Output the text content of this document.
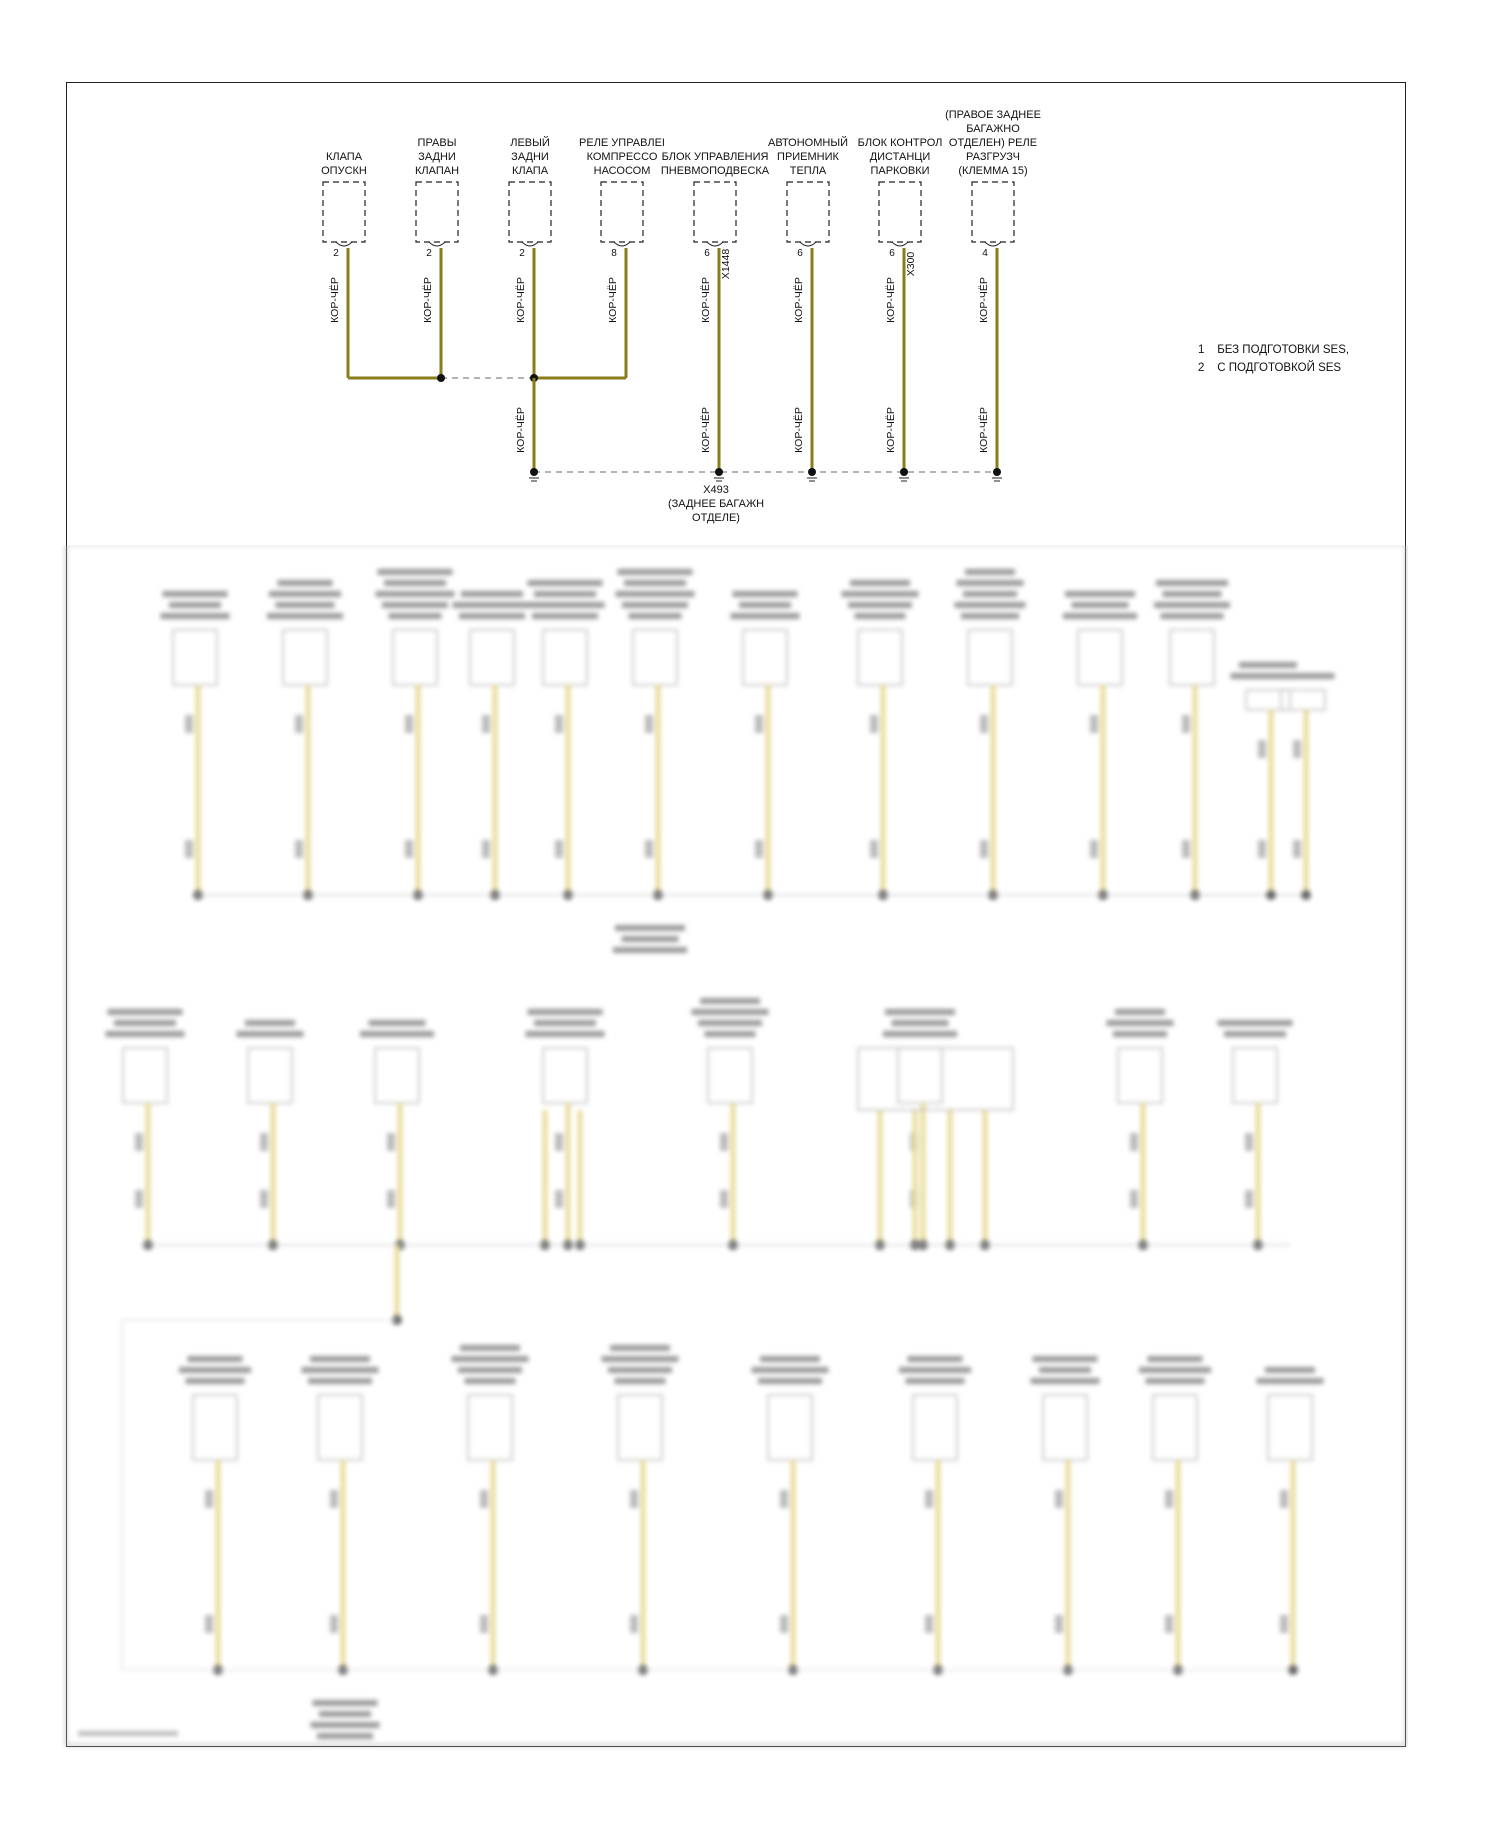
КЛАПА
ОПУСКН
2
КОР-ЧЁР
ПРАВЫ
ЗАДНИ
КЛАПАН
2
КОР-ЧЁР
ЛЕВЫЙ
ЗАДНИ
КЛАПА
2
КОР-ЧЁР
РЕЛЕ УПРАВЛЕІ
КОМПРЕССО
НАСОСОМ
8
КОР-ЧЁР
БЛОК УПРАВЛЕНИЯ
ПНЕВМОПОДВЕСКА
6 X1448
КОР-ЧЁР
АВТОНОМНЫЙ
ПРИЕМНИК
ТЕПЛА
6
КОР-ЧЁР
БЛОК КОНТРОЛ
ДИСТАНЦИ
ПАРКОВКИ
6 X300
КОР-ЧЁР
(ПРАВОЕ ЗАДНЕЕ
БАГАЖНО
ОТДЕЛЕН) РЕЛЕ
РАЗГРУЗЧ
(КЛЕММА 15)
4
КОР-ЧЁР
КОР-ЧЁР	КОР-ЧЁР	КОР-ЧЁР	КОР-ЧЁР	КОР-ЧЁР
X493
(ЗАДНЕЕ БАГАЖН
ОТДЕЛЕ)
1 БЕЗ ПОДГОТОВКИ SES,
2 С ПОДГОТОВКОЙ SES
